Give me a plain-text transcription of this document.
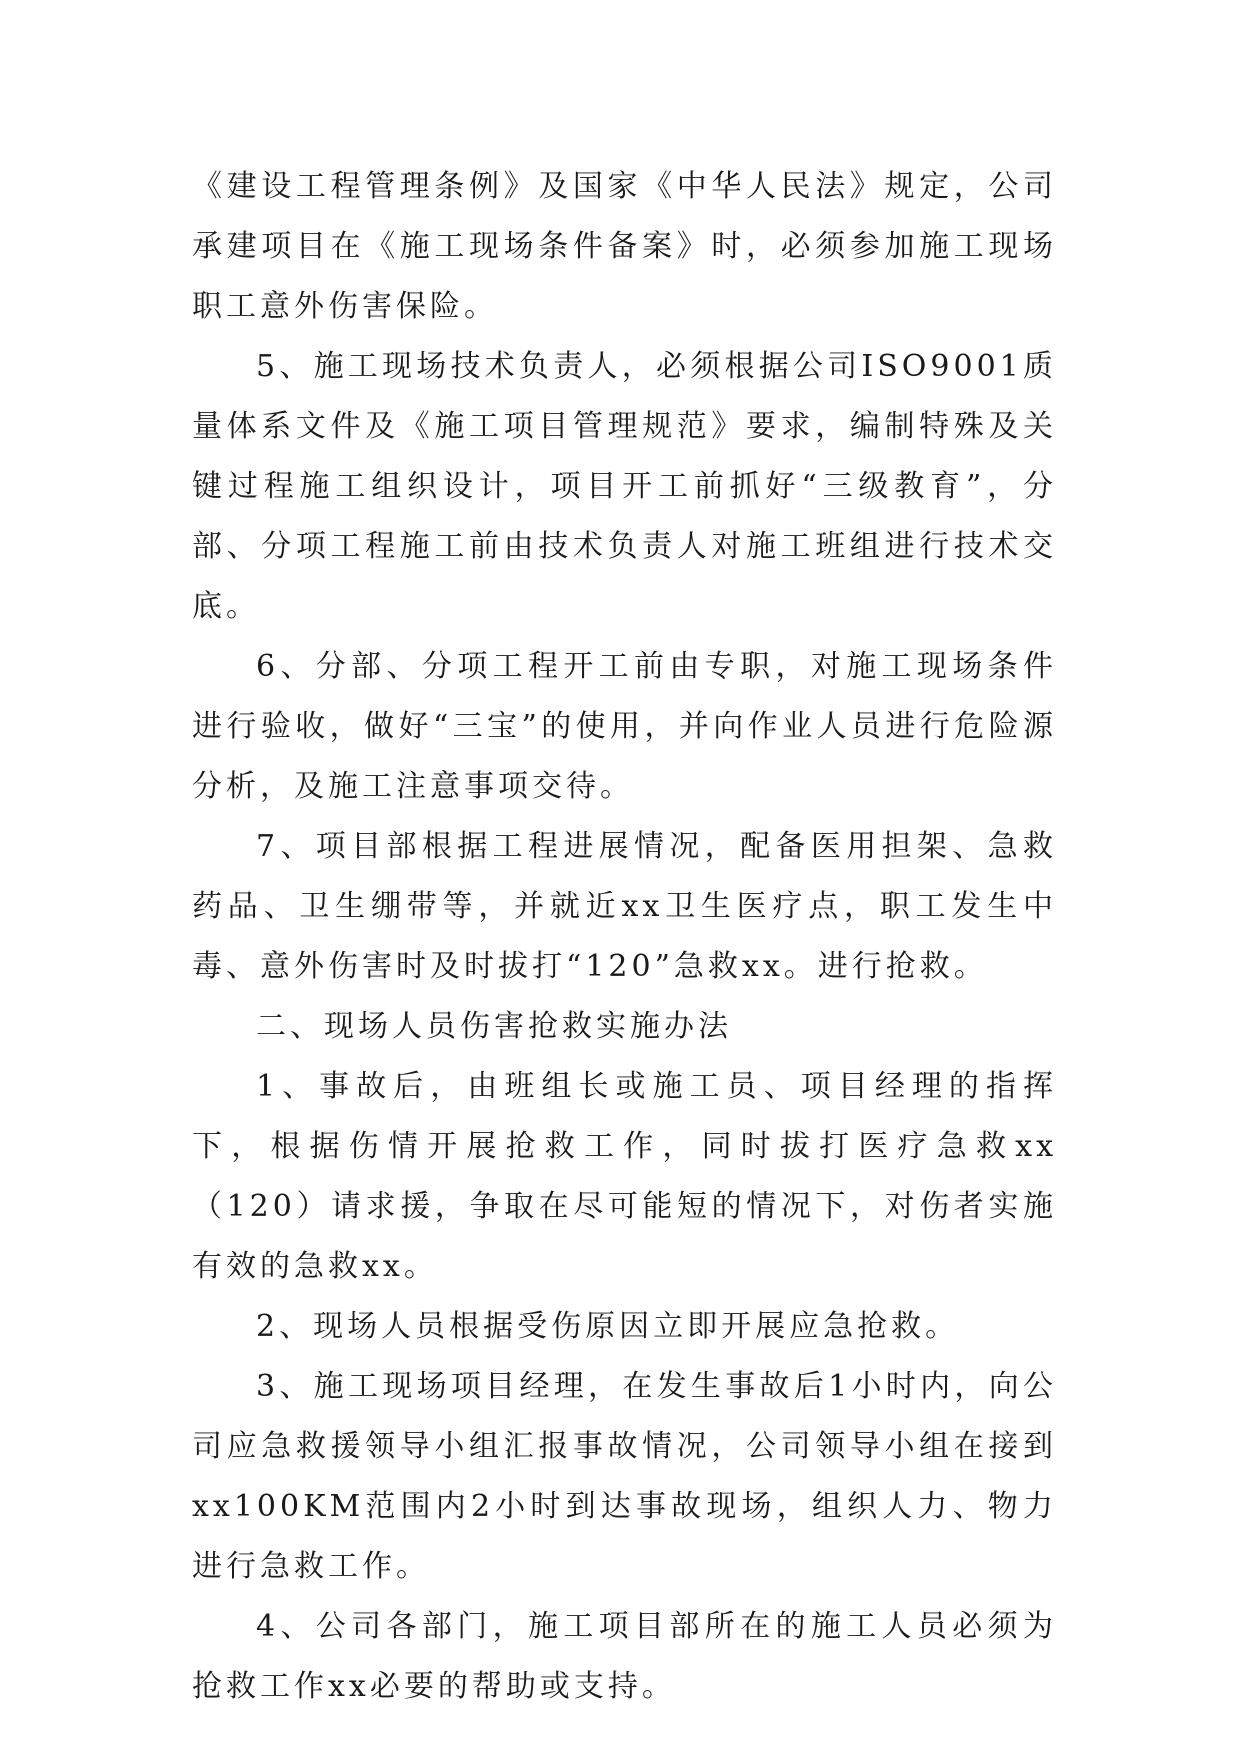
《建设工程管理条例》及国家《中华人民法》规定，公司承建项目在《施工现场条件备案》时，必须参加施工现场职工意外伤害保险。

5、施工现场技术负责人，必须根据公司ISO9001质量体系文件及《施工项目管理规范》要求，编制特殊及关键过程施工组织设计，项目开工前抓好“三级教育”，分部、分项工程施工前由技术负责人对施工班组进行技术交底。

6、分部、分项工程开工前由专职，对施工现场条件进行验收，做好“三宝”的使用，并向作业人员进行危险源分析，及施工注意事项交待。

7、项目部根据工程进展情况，配备医用担架、急救药品、卫生绷带等，并就近xx卫生医疗点，职工发生中毒、意外伤害时及时拔打“120”急救xx。进行抢救。

二、现场人员伤害抢救实施办法

1、事故后，由班组长或施工员、项目经理的指挥下，根据伤情开展抢救工作，同时拔打医疗急救xx（120）请求援，争取在尽可能短的情况下，对伤者实施有效的急救xx。

2、现场人员根据受伤原因立即开展应急抢救。

3、施工现场项目经理，在发生事故后1小时内，向公司应急救援领导小组汇报事故情况，公司领导小组在接到xx100KM范围内2小时到达事故现场，组织人力、物力进行急救工作。

4、公司各部门，施工项目部所在的施工人员必须为抢救工作xx必要的帮助或支持。
